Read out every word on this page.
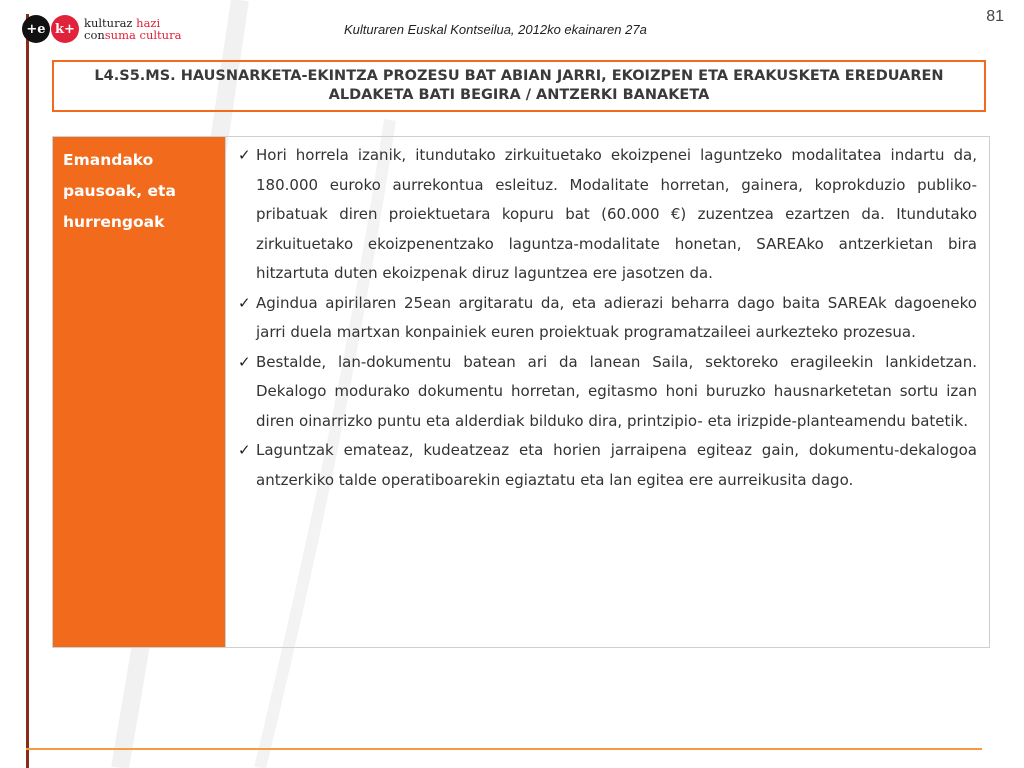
+e k+ kulturaz hazi
consuma cultura	Kulturaren Euskal Kontseilua, 2012ko ekainaren 27a
81
L4.S5.MS. HAUSNARKETA-EKINTZA PROZESU BAT ABIAN JARRI, EKOIZPEN ETA ERAKUSKETA EREDUAREN
ALDAKETA BATI BEGIRA / ANTZERKI BANAKETA
Emandako pausoak, eta hurrengoak
✓ Hori horrela izanik, itundutako zirkuituetako ekoizpenei laguntzeko modalitatea indartu da, 180.000 euroko aurrekontua esleituz. Modalitate horretan, gainera, koprokduzio publiko-pribatuak diren proiektuetara kopuru bat (60.000 €) zuzentzea ezartzen da. Itundutako zirkuituetako ekoizpenentzako laguntza-modalitate honetan, SAREAko antzerkietan bira hitzartuta duten ekoizpenak diruz laguntzea ere jasotzen da.
✓ Agindua apirilaren 25ean argitaratu da, eta adierazi beharra dago baita SAREAk dagoeneko jarri duela martxan konpainiek euren proiektuak programatzaileei aurkezteko prozesua.
✓ Bestalde, lan-dokumentu batean ari da lanean Saila, sektoreko eragileekin lankidetzan. Dekalogo modurako dokumentu horretan, egitasmo honi buruzko hausnarketetan sortu izan diren oinarrizko puntu eta alderdiak bilduko dira, printzipio- eta irizpide-planteamendu batetik.
✓ Laguntzak emateaz, kudeatzeaz eta horien jarraipena egiteaz gain, dokumentu-dekalogoa antzerkiko talde operatiboarekin egiaztatu eta lan egitea ere aurreikusita dago.
